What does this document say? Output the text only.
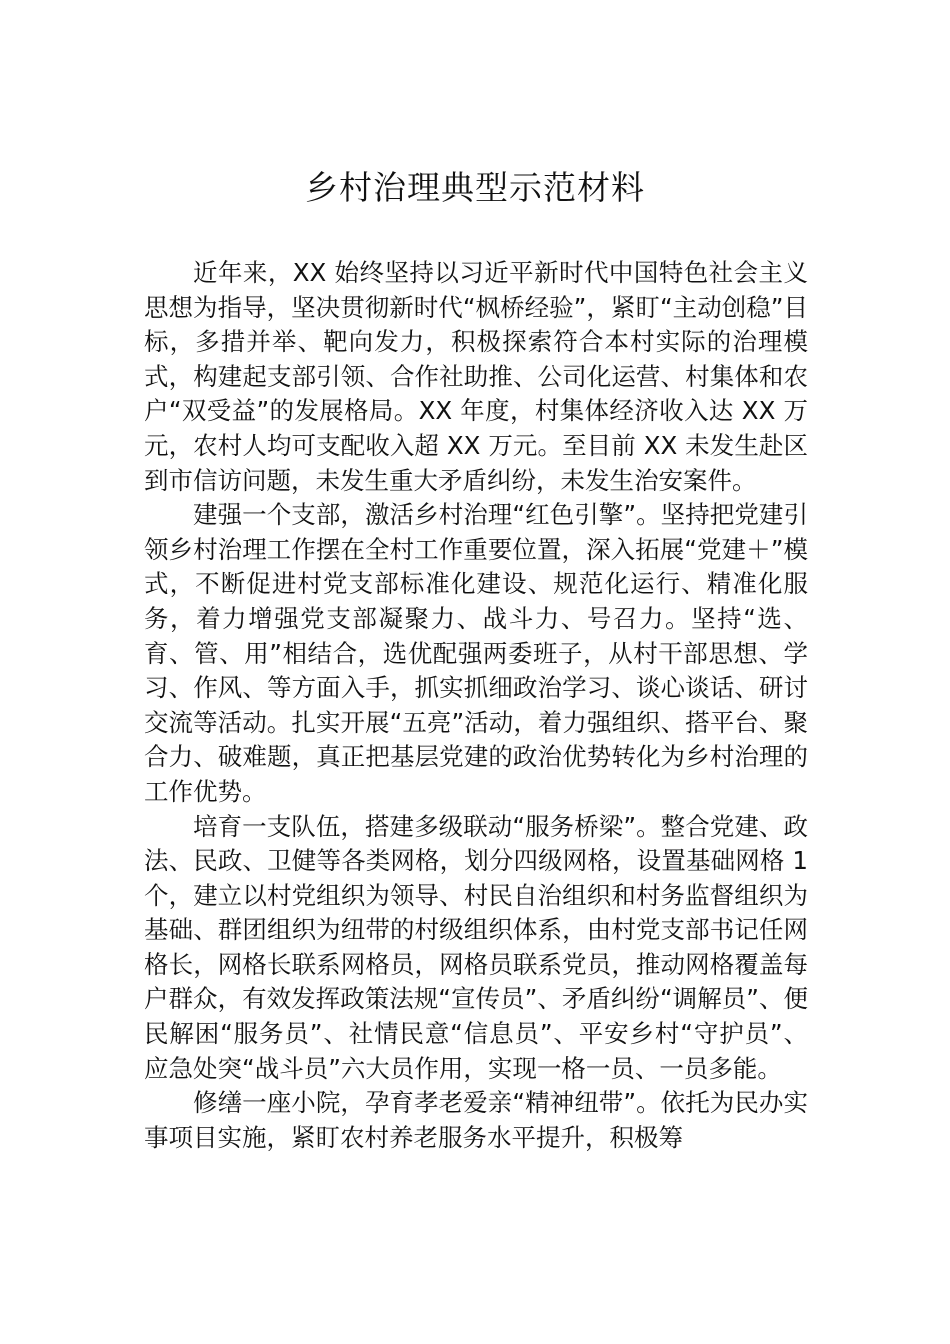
乡村治理典型示范材料

近年来，XX 始终坚持以习近平新时代中国特色社会主义思想为指导，坚决贯彻新时代“枫桥经验”，紧盯“主动创稳”目标，多措并举、靶向发力，积极探索符合本村实际的治理模式，构建起支部引领、合作社助推、公司化运营、村集体和农户“双受益”的发展格局。XX 年度，村集体经济收入达 XX 万元，农村人均可支配收入超 XX 万元。至目前 XX 未发生赴区到市信访问题，未发生重大矛盾纠纷，未发生治安案件。

建强一个支部，激活乡村治理“红色引擎”。坚持把党建引领乡村治理工作摆在全村工作重要位置，深入拓展“党建＋”模式，不断促进村党支部标准化建设、规范化运行、精准化服务，着力增强党支部凝聚力、战斗力、号召力。坚持“选、育、管、用”相结合，选优配强两委班子，从村干部思想、学习、作风、等方面入手，抓实抓细政治学习、谈心谈话、研讨交流等活动。扎实开展“五亮”活动，着力强组织、搭平台、聚合力、破难题，真正把基层党建的政治优势转化为乡村治理的工作优势。

培育一支队伍，搭建多级联动“服务桥梁”。整合党建、政法、民政、卫健等各类网格，划分四级网格，设置基础网格 1 个，建立以村党组织为领导、村民自治组织和村务监督组织为基础、群团组织为纽带的村级组织体系，由村党支部书记任网格长，网格长联系网格员，网格员联系党员，推动网格覆盖每户群众，有效发挥政策法规“宣传员”、矛盾纠纷“调解员”、便民解困“服务员”、社情民意“信息员”、平安乡村“守护员”、应急处突“战斗员”六大员作用，实现一格一员、一员多能。

修缮一座小院，孕育孝老爱亲“精神纽带”。依托为民办实事项目实施，紧盯农村养老服务水平提升，积极筹
